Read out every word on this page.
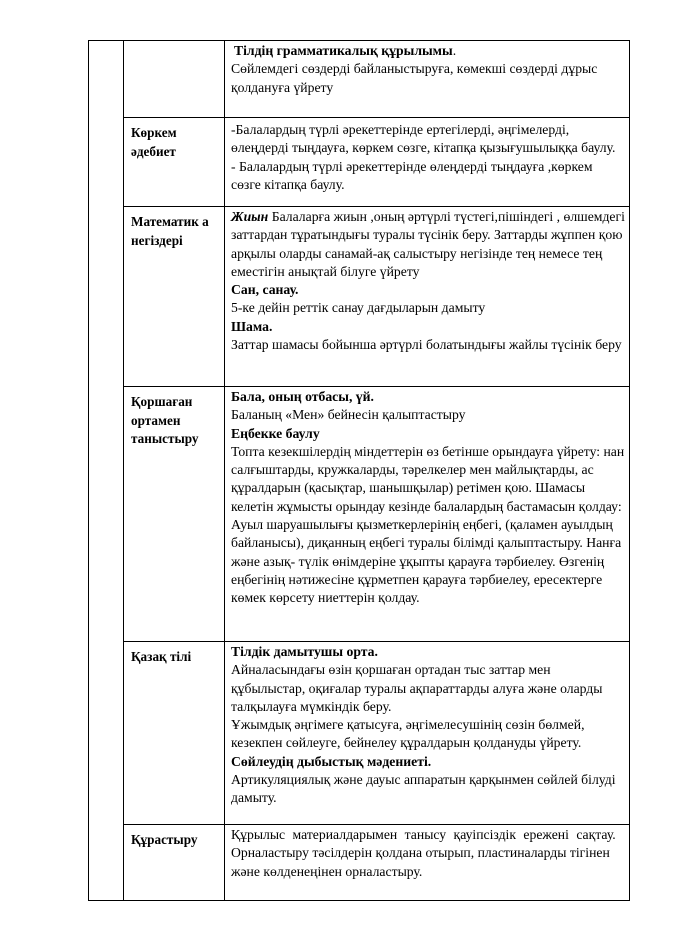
		Тілдің грамматикалық құрылымы.

Сөйлемдегі сөздерді байланыстыруға, көмекші сөздерді дұрыс қолдануға үйрету

	Көркем әдебиет	-Балалардың түрлі әрекеттерінде ертегілерді, әңгімелерді, өлеңдерді тыңдауға, көркем сөзге, кітапқа қызығушылыққа баулу.

- Балалардың түрлі әрекеттерінде өлеңдерді тыңдауға ,көркем сөзге кітапқа баулу.

	Математик а негіздері	Жиын Балаларға жиын ,оның әртүрлі түстегі,пішіндегі , өлшемдегі заттардан тұратындығы туралы түсінік беру. Заттарды жұппен қою арқылы оларды санамай-ақ салыстыру негізінде тең немесе тең еместігін анықтай білуге үйрету

Сан, санау.

5-ке дейін реттік санау дағдыларын дамыту

Шама.

Заттар шамасы бойынша әртүрлі болатындығы жайлы түсінік беру

	Қоршаған ортамен таныстыру	Бала, оның отбасы, үй.

Баланың «Мен» бейнесін қалыптастыру

Еңбекке баулу

Топта кезекшілердің міндеттерін өз бетінше орындауға үйрету: нан салғыштарды, кружкаларды, тәрелкелер мен майлықтарды, ас құралдарын (қасықтар, шанышқылар) ретімен қою. Шамасы келетін жұмысты орындау кезінде балалардың бастамасын қолдау:

Ауыл шаруашылығы қызметкерлерінің еңбегі, (қаламен ауылдың байланысы), диқанның еңбегі туралы білімді қалыптастыру. Нанға және азық- түлік өнімдеріне ұқыпты қарауға тәрбиелеу. Өзгенің еңбегінің нәтижесіне құрметпен қарауға тәрбиелеу, ересектерге көмек көрсету ниеттерін қолдау.

	Қазақ тілі	Тілдік дамытушы орта.

Айналасындағы өзін қоршаған ортадан тыс заттар мен құбылыстар, оқиғалар туралы ақпараттарды алуға және оларды талқылауға мүмкіндік беру.

Ұжымдық әңгімеге қатысуға, әңгімелесушінің сөзін бөлмей, кезекпен сөйлеуге, бейнелеу құралдарын қолдануды үйрету.

Сөйлеудің дыбыстық мәдениеті.

Артикуляциялық және дауыс аппаратын қарқынмен сөйлей білуді дамыту.

	Құрастыру	Құрылыс материалдарымен танысу қауіпсіздік ережені сақтау.

Орналастыру тәсілдерін қолдана отырып, пластиналарды тігінен және көлденеңінен орналастыру.
